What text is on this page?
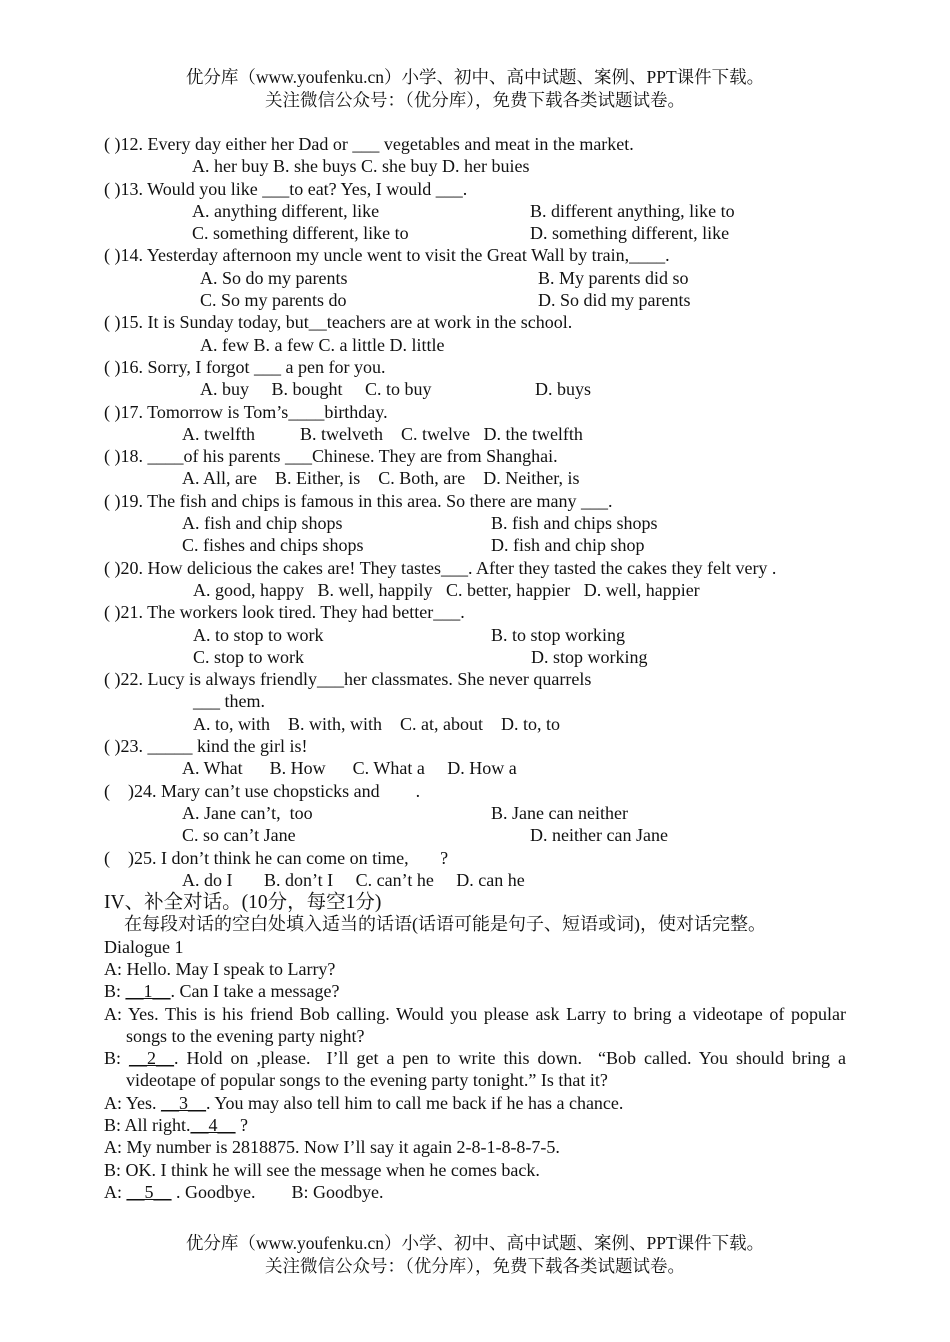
优分库（www.youfenku.cn）小学、初中、高中试题、案例、PPT课件下载。
关注微信公众号：（优分库），免费下载各类试题试卷。
( )12. Every day either her Dad or ___ vegetables and meat in the market.
A. her buy B. she buys C. she buy D. her buies
( )13. Would you like ___to eat? Yes, I would ___.
A. anything different, like	B. different anything, like to
C. something different, like to	D. something different, like
( )14. Yesterday afternoon my uncle went to visit the Great Wall by train,____.
A. So do my parents	B. My parents did so
C. So my parents do	D. So did my parents
( )15. It is Sunday today, but__teachers are at work in the school.
A. few B. a few C. a little D. little
( )16. Sorry, I forgot ___ a pen for you.
A. buy     B. bought     C. to buy                       D. buys
( )17. Tomorrow is Tom’s____birthday.
A. twelfth          B. twelveth    C. twelve   D. the twelfth
( )18. ____of his parents ___Chinese. They are from Shanghai.
A. All, are    B. Either, is    C. Both, are    D. Neither, is
( )19. The fish and chips is famous in this area. So there are many ___.
A. fish and chip shops	B. fish and chips shops
C. fishes and chips shops	D. fish and chip shop
( )20. How delicious the cakes are! They tastes___. After they tasted the cakes they felt very .
A. good, happy   B. well, happily   C. better, happier   D. well, happier
( )21. The workers look tired. They had better___.
A. to stop to work	B. to stop working
C. stop to work	D. stop working
( )22. Lucy is always friendly___her classmates. She never quarrels
___ them.
A. to, with    B. with, with    C. at, about    D. to, to
( )23. _____ kind the girl is!
A. What      B. How      C. What a     D. How a
(    )24. Mary can’t use chopsticks and        .
A. Jane can’t,  too	B. Jane can neither
C. so can’t Jane	D. neither can Jane
(    )25. I don’t think he can come on time,       ?
A. do I       B. don’t I     C. can’t he     D. can he
IV、补全对话。(10分，每空1分)
在每段对话的空白处填入适当的话语(话语可能是句子、短语或词)，使对话完整。
Dialogue 1
A: Hello. May I speak to Larry?
B: __1__. Can I take a message?
A: Yes. This is his friend Bob calling. Would you please ask Larry to bring a videotape of popular songs to the evening party night?
B: __2__. Hold on ,please.  I’ll get a pen to write this down.  “Bob called. You should bring a videotape of popular songs to the evening party tonight.” Is that it?
A: Yes. __3__. You may also tell him to call me back if he has a chance.
B: All right.__4__ ?
A: My number is 2818875. Now I’ll say it again 2-8-1-8-8-7-5.
B: OK. I think he will see the message when he comes back.
A: __5__ . Goodbye.        B: Goodbye.
优分库（www.youfenku.cn）小学、初中、高中试题、案例、PPT课件下载。
关注微信公众号：（优分库），免费下载各类试题试卷。
